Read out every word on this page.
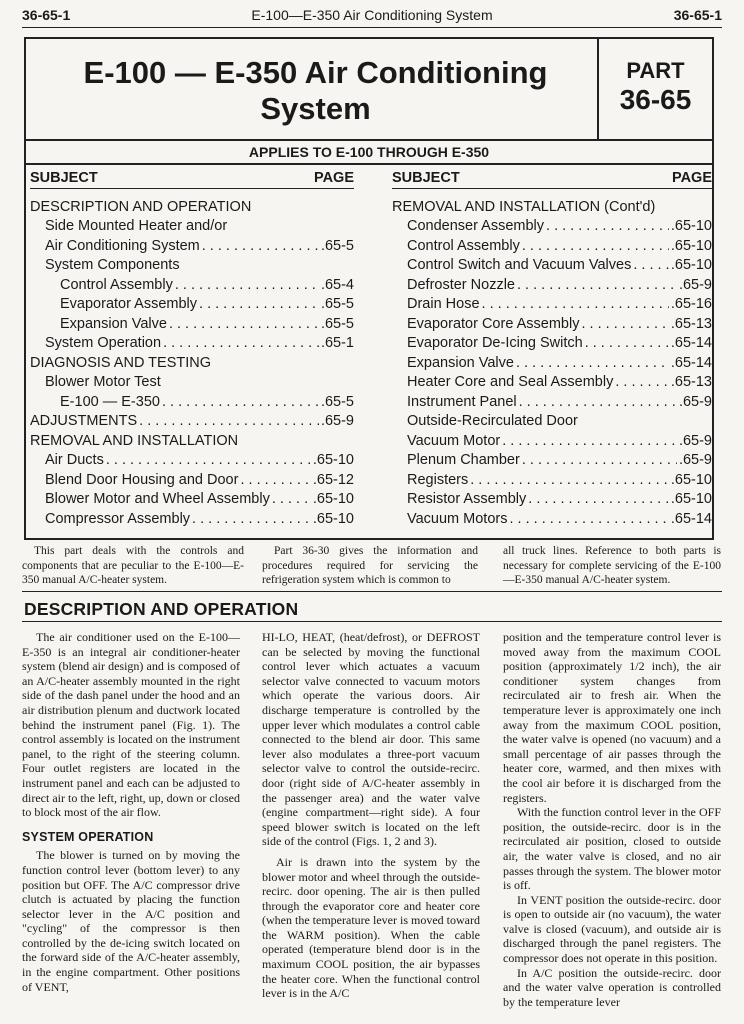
36-65-1	E-100—E-350 Air Conditioning System	36-65-1
E-100 — E-350 Air Conditioning
System
PART
36-65
APPLIES TO E-100 THROUGH E-350
SUBJECT	PAGE
DESCRIPTION AND OPERATION
Side Mounted Heater and/or
Air Conditioning System . . .	.65-5
System Components
Control Assembly . . .	.65-4
Evaporator Assembly . . .	.65-5
Expansion Valve . . .	.65-5
System Operation . . .	.65-1
DIAGNOSIS AND TESTING
Blower Motor Test
E-100 — E-350 . . .	.65-5
ADJUSTMENTS . . .	.65-9
REMOVAL AND INSTALLATION
Air Ducts . . .	.65-10
Blend Door Housing and Door . . .	.65-12
Blower Motor and Wheel Assembly . . .	.65-10
Compressor Assembly . . .	.65-10
SUBJECT	PAGE
REMOVAL AND INSTALLATION (Cont'd)
Condenser Assembly . . .	.65-10
Control Assembly . . .	.65-10
Control Switch and Vacuum Valves . . .	.65-10
Defroster Nozzle . . .	.65-9
Drain Hose . . .	.65-16
Evaporator Core Assembly . . .	.65-13
Evaporator De-Icing Switch . . .	.65-14
Expansion Valve . . .	.65-14
Heater Core and Seal Assembly . . .	.65-13
Instrument Panel . . .	.65-9
Outside-Recirculated Door
Vacuum Motor . . .	.65-9
Plenum Chamber . . .	.65-9
Registers . . .	.65-10
Resistor Assembly . . .	.65-10
Vacuum Motors . . .	.65-14
This part deals with the controls and components that are peculiar to the E-100—E-350 manual A/C-heater system.
Part 36-30 gives the information and procedures required for servicing the refrigeration system which is common to
all truck lines. Reference to both parts is necessary for complete servicing of the E-100—E-350 manual A/C-heater system.
DESCRIPTION AND OPERATION

The air conditioner used on the E-100—E-350 is an integral air conditioner-heater system (blend air design) and is composed of an A/C-heater assembly mounted in the right side of the dash panel under the hood and an air distribution plenum and ductwork located behind the instrument panel (Fig. 1). The control assembly is located on the instrument panel, to the right of the steering column. Four outlet registers are located in the instrument panel and each can be adjusted to direct air to the left, right, up, down or closed to block most of the air flow.

SYSTEM OPERATION

The blower is turned on by moving the function control lever (bottom lever) to any position but OFF. The A/C compressor drive clutch is actuated by placing the function selector lever in the A/C position and "cycling" of the compressor is then controlled by the de-icing switch located on the forward side of the A/C-heater assembly, in the engine compartment. Other positions of VENT,

HI-LO, HEAT, (heat/defrost), or DEFROST can be selected by moving the functional control lever which actuates a vacuum selector valve connected to vacuum motors which operate the various doors. Air discharge temperature is controlled by the upper lever which modulates a control cable connected to the blend air door. This same lever also modulates a three-port vacuum selector valve to control the outside-recirc. door (right side of A/C-heater assembly in the passenger area) and the water valve (engine compartment—right side). A four speed blower switch is located on the left side of the control (Figs. 1, 2 and 3).

Air is drawn into the system by the blower motor and wheel through the outside-recirc. door opening. The air is then pulled through the evaporator core and heater core (when the temperature lever is moved toward the WARM position). When the cable operated (temperature blend door is in the maximum COOL position, the air bypasses the heater core. When the functional control lever is in the A/C

position and the temperature control lever is moved away from the maximum COOL position (approximately 1/2 inch), the air conditioner system changes from recirculated air to fresh air. When the temperature lever is approximately one inch away from the maximum COOL position, the water valve is opened (no vacuum) and a small percentage of air passes through the heater core, warmed, and then mixes with the cool air before it is discharged from the registers.

With the function control lever in the OFF position, the outside-recirc. door is in the recirculated air position, closed to outside air, the water valve is closed, and no air passes through the system. The blower motor is off.

In VENT position the outside-recirc. door is open to outside air (no vacuum), the water valve is closed (vacuum), and outside air is discharged through the panel registers. The compressor does not operate in this position.

In A/C position the outside-recirc. door and the water valve operation is controlled by the temperature lever
